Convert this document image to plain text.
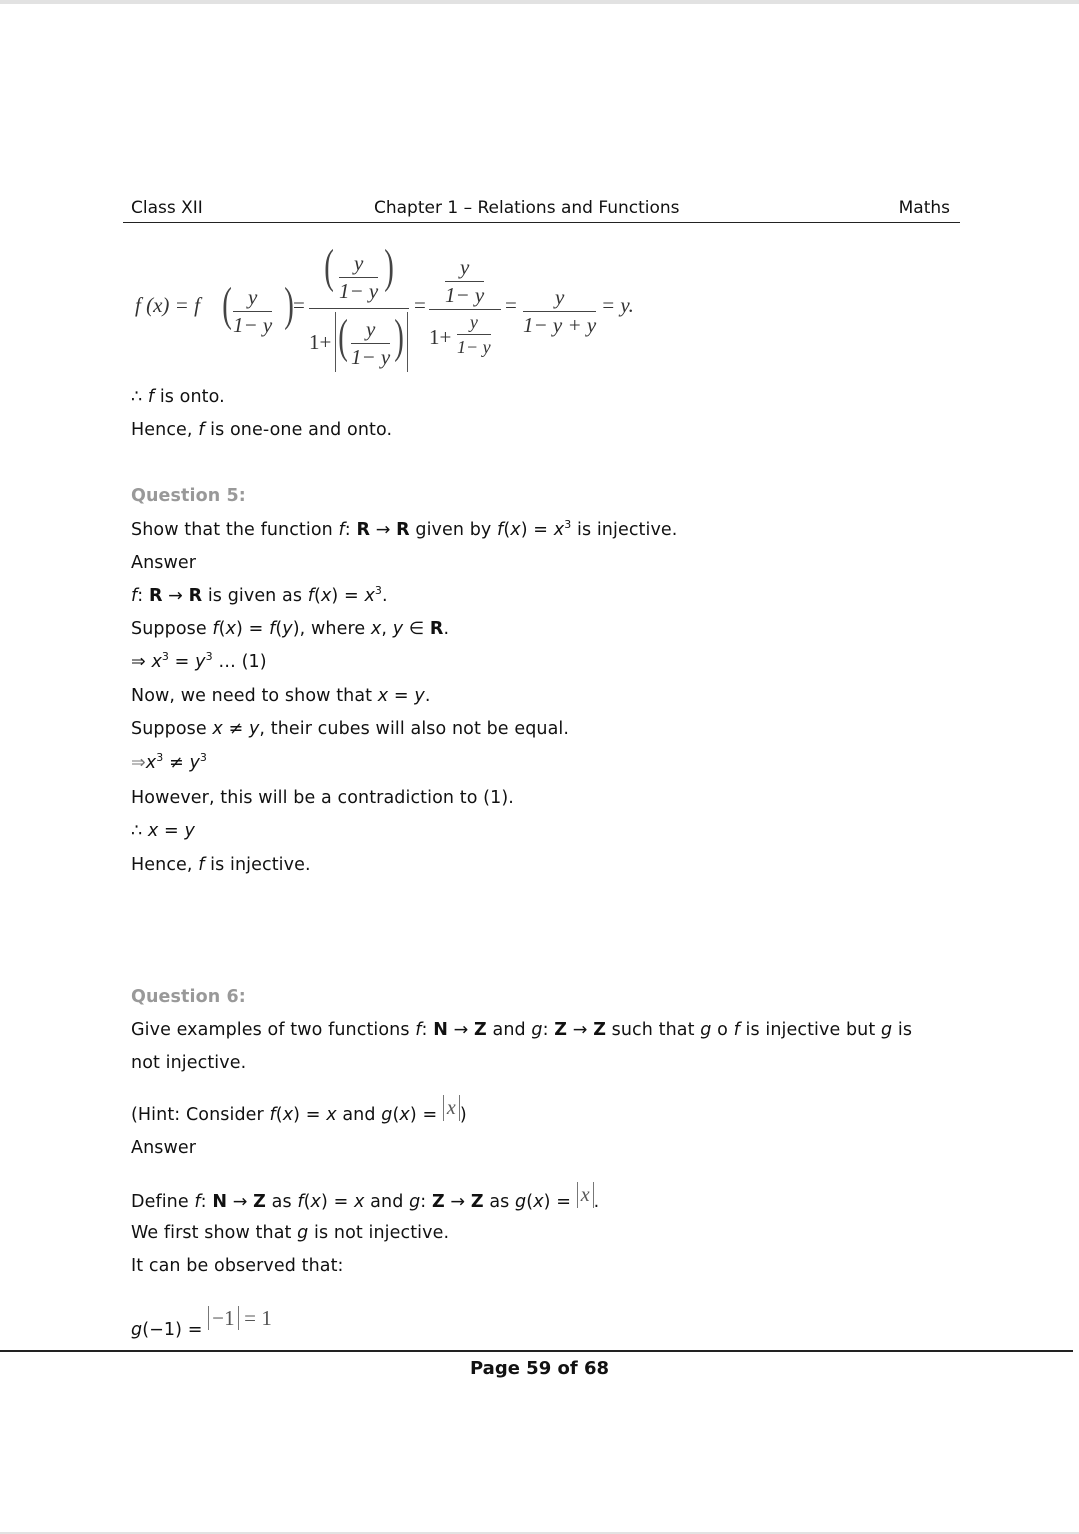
Class XII	Chapter 1 – Relations and Functions	Maths
f (x) = f ( y
1− y ) =
( y
1− y )
1+ ( y
1− y )
=
y
1− y
1+
y
1− y
= y
1− y + y
= y.
∴ f is onto.
Hence, f is one-one and onto.
Question 5:
Show that the function f: R → R given by $f(x) = x^3$ is injective.
Answer
f: R → R is given as $f(x) = x^3$.
Suppose f(x) = f(y), where x, y ∈ R.
⇒ $x^3 = y^3$ … (1)
Now, we need to show that x = y.
Suppose x ≠ y, their cubes will also not be equal.
$\Rightarrow x^3 \ne y^3$
However, this will be a contradiction to (1).
∴ x = y
Hence, f is injective.
Question 6:
Give examples of two functions f: N → Z and g: Z → Z such that g o f is injective but g is
not injective.
(Hint: Consider f(x) = x and g(x) = x )
Answer
Define f: N → Z as f(x) = x and g: Z → Z as g(x) = x .
We first show that g is not injective.
It can be observed that:
g(−1) = −1 = 1
Page 59 of 68
